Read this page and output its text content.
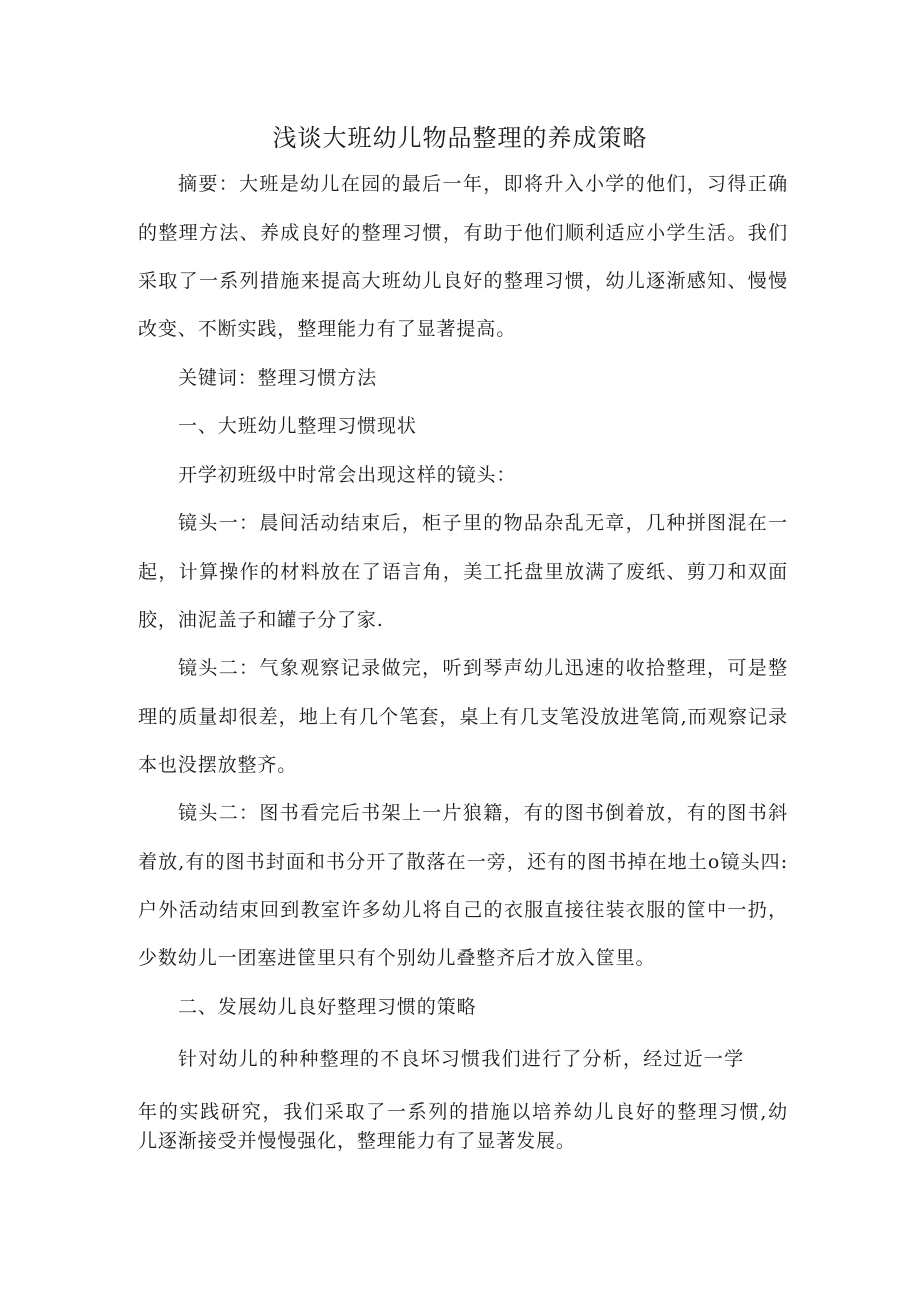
浅谈大班幼儿物品整理的养成策略
摘要：大班是幼儿在园的最后一年，即将升入小学的他们，习得正确
的整理方法、养成良好的整理习惯，有助于他们顺利适应小学生活。我们
采取了一系列措施来提高大班幼儿良好的整理习惯，幼儿逐渐感知、慢慢
改变、不断实践，整理能力有了显著提高。
关键词：整理习惯方法
一、大班幼儿整理习惯现状
开学初班级中时常会出现这样的镜头：
镜头一：晨间活动结束后，柜子里的物品杂乱无章，几种拼图混在一
起，计算操作的材料放在了语言角，美工托盘里放满了废纸、剪刀和双面
胶，油泥盖子和罐子分了家.
镜头二：气象观察记录做完，听到琴声幼儿迅速的收拾整理，可是整
理的质量却很差，地上有几个笔套，桌上有几支笔没放进笔筒,而观察记录
本也没摆放整齐。
镜头二：图书看完后书架上一片狼籍，有的图书倒着放，有的图书斜
着放,有的图书封面和书分开了散落在一旁，还有的图书掉在地土o镜头四:
户外活动结束回到教室许多幼儿将自己的衣服直接往装衣服的筐中一扔，
少数幼儿一团塞进筐里只有个别幼儿叠整齐后才放入筐里。
二、发展幼儿良好整理习惯的策略
针对幼儿的种种整理的不良坏习惯我们进行了分析，经过近一学
年的实践研究，我们采取了一系列的措施以培养幼儿良好的整理习惯,幼
儿逐渐接受并慢慢强化，整理能力有了显著发展。
